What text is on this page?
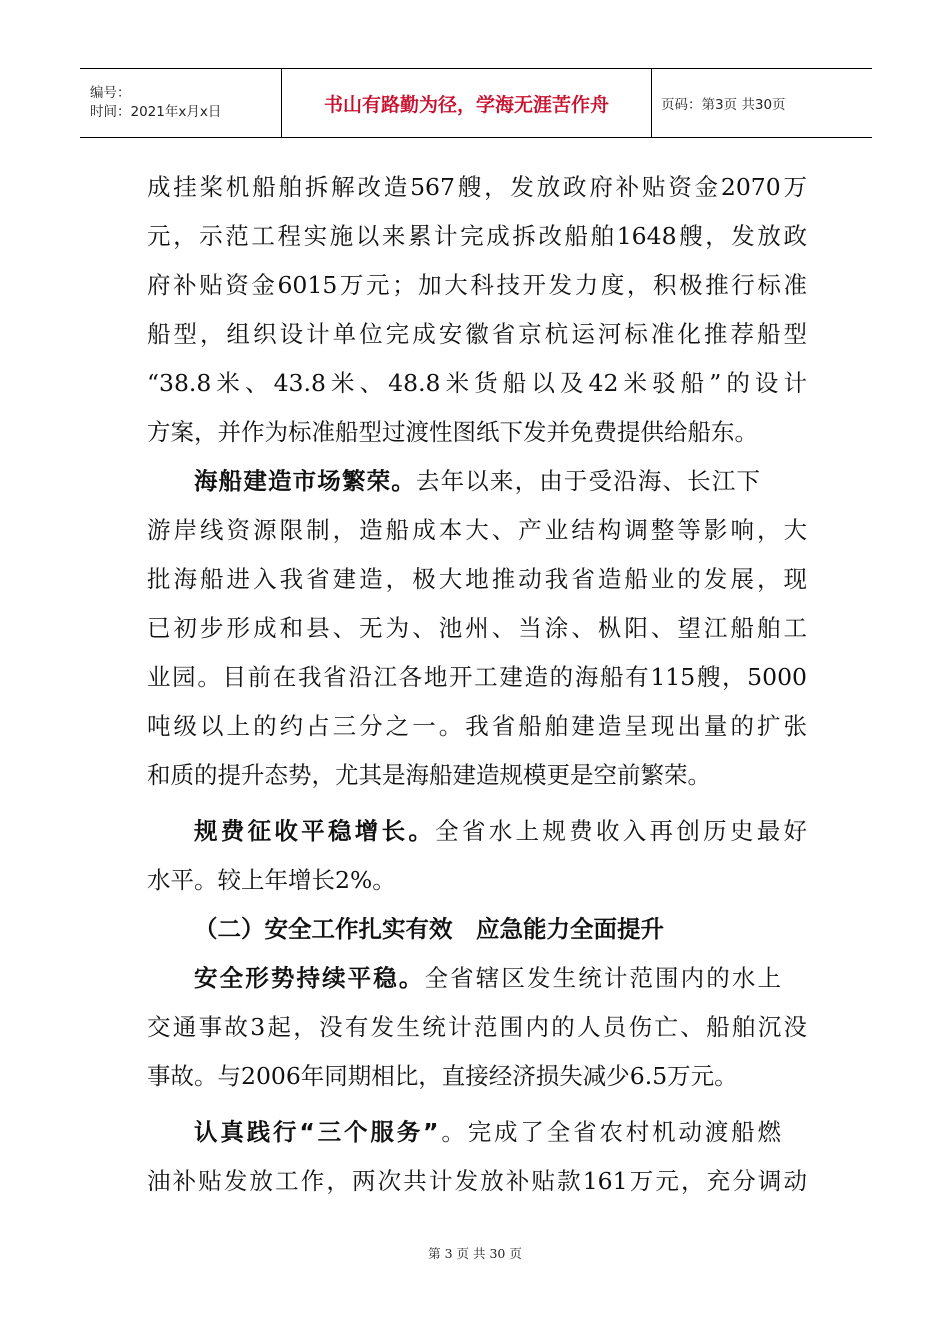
编号：
时间：2021年x月x日	书山有路勤为径，学海无涯苦作舟	页码：第3页 共30页
成挂桨机船舶拆解改造567艘，发放政府补贴资金2070万
元，示范工程实施以来累计完成拆改船舶1648艘，发放政
府补贴资金6015万元；加大科技开发力度，积极推行标准
船型，组织设计单位完成安徽省京杭运河标准化推荐船型
“38.8米、43.8米、48.8米货船以及42米驳船”的设计
方案，并作为标准船型过渡性图纸下发并免费提供给船东。
海船建造市场繁荣。去年以来，由于受沿海、长江下
游岸线资源限制，造船成本大、产业结构调整等影响，大
批海船进入我省建造，极大地推动我省造船业的发展，现
已初步形成和县、无为、池州、当涂、枞阳、望江船舶工
业园。目前在我省沿江各地开工建造的海船有115艘，5000
吨级以上的约占三分之一。我省船舶建造呈现出量的扩张
和质的提升态势，尤其是海船建造规模更是空前繁荣。
规费征收平稳增长。全省水上规费收入再创历史最好
水平。较上年增长2%。
（二）安全工作扎实有效　应急能力全面提升
安全形势持续平稳。全省辖区发生统计范围内的水上
交通事故3起，没有发生统计范围内的人员伤亡、船舶沉没
事故。与2006年同期相比，直接经济损失减少6.5万元。
认真践行“三个服务”。完成了全省农村机动渡船燃
油补贴发放工作，两次共计发放补贴款161万元，充分调动
第 3 页 共 30 页
